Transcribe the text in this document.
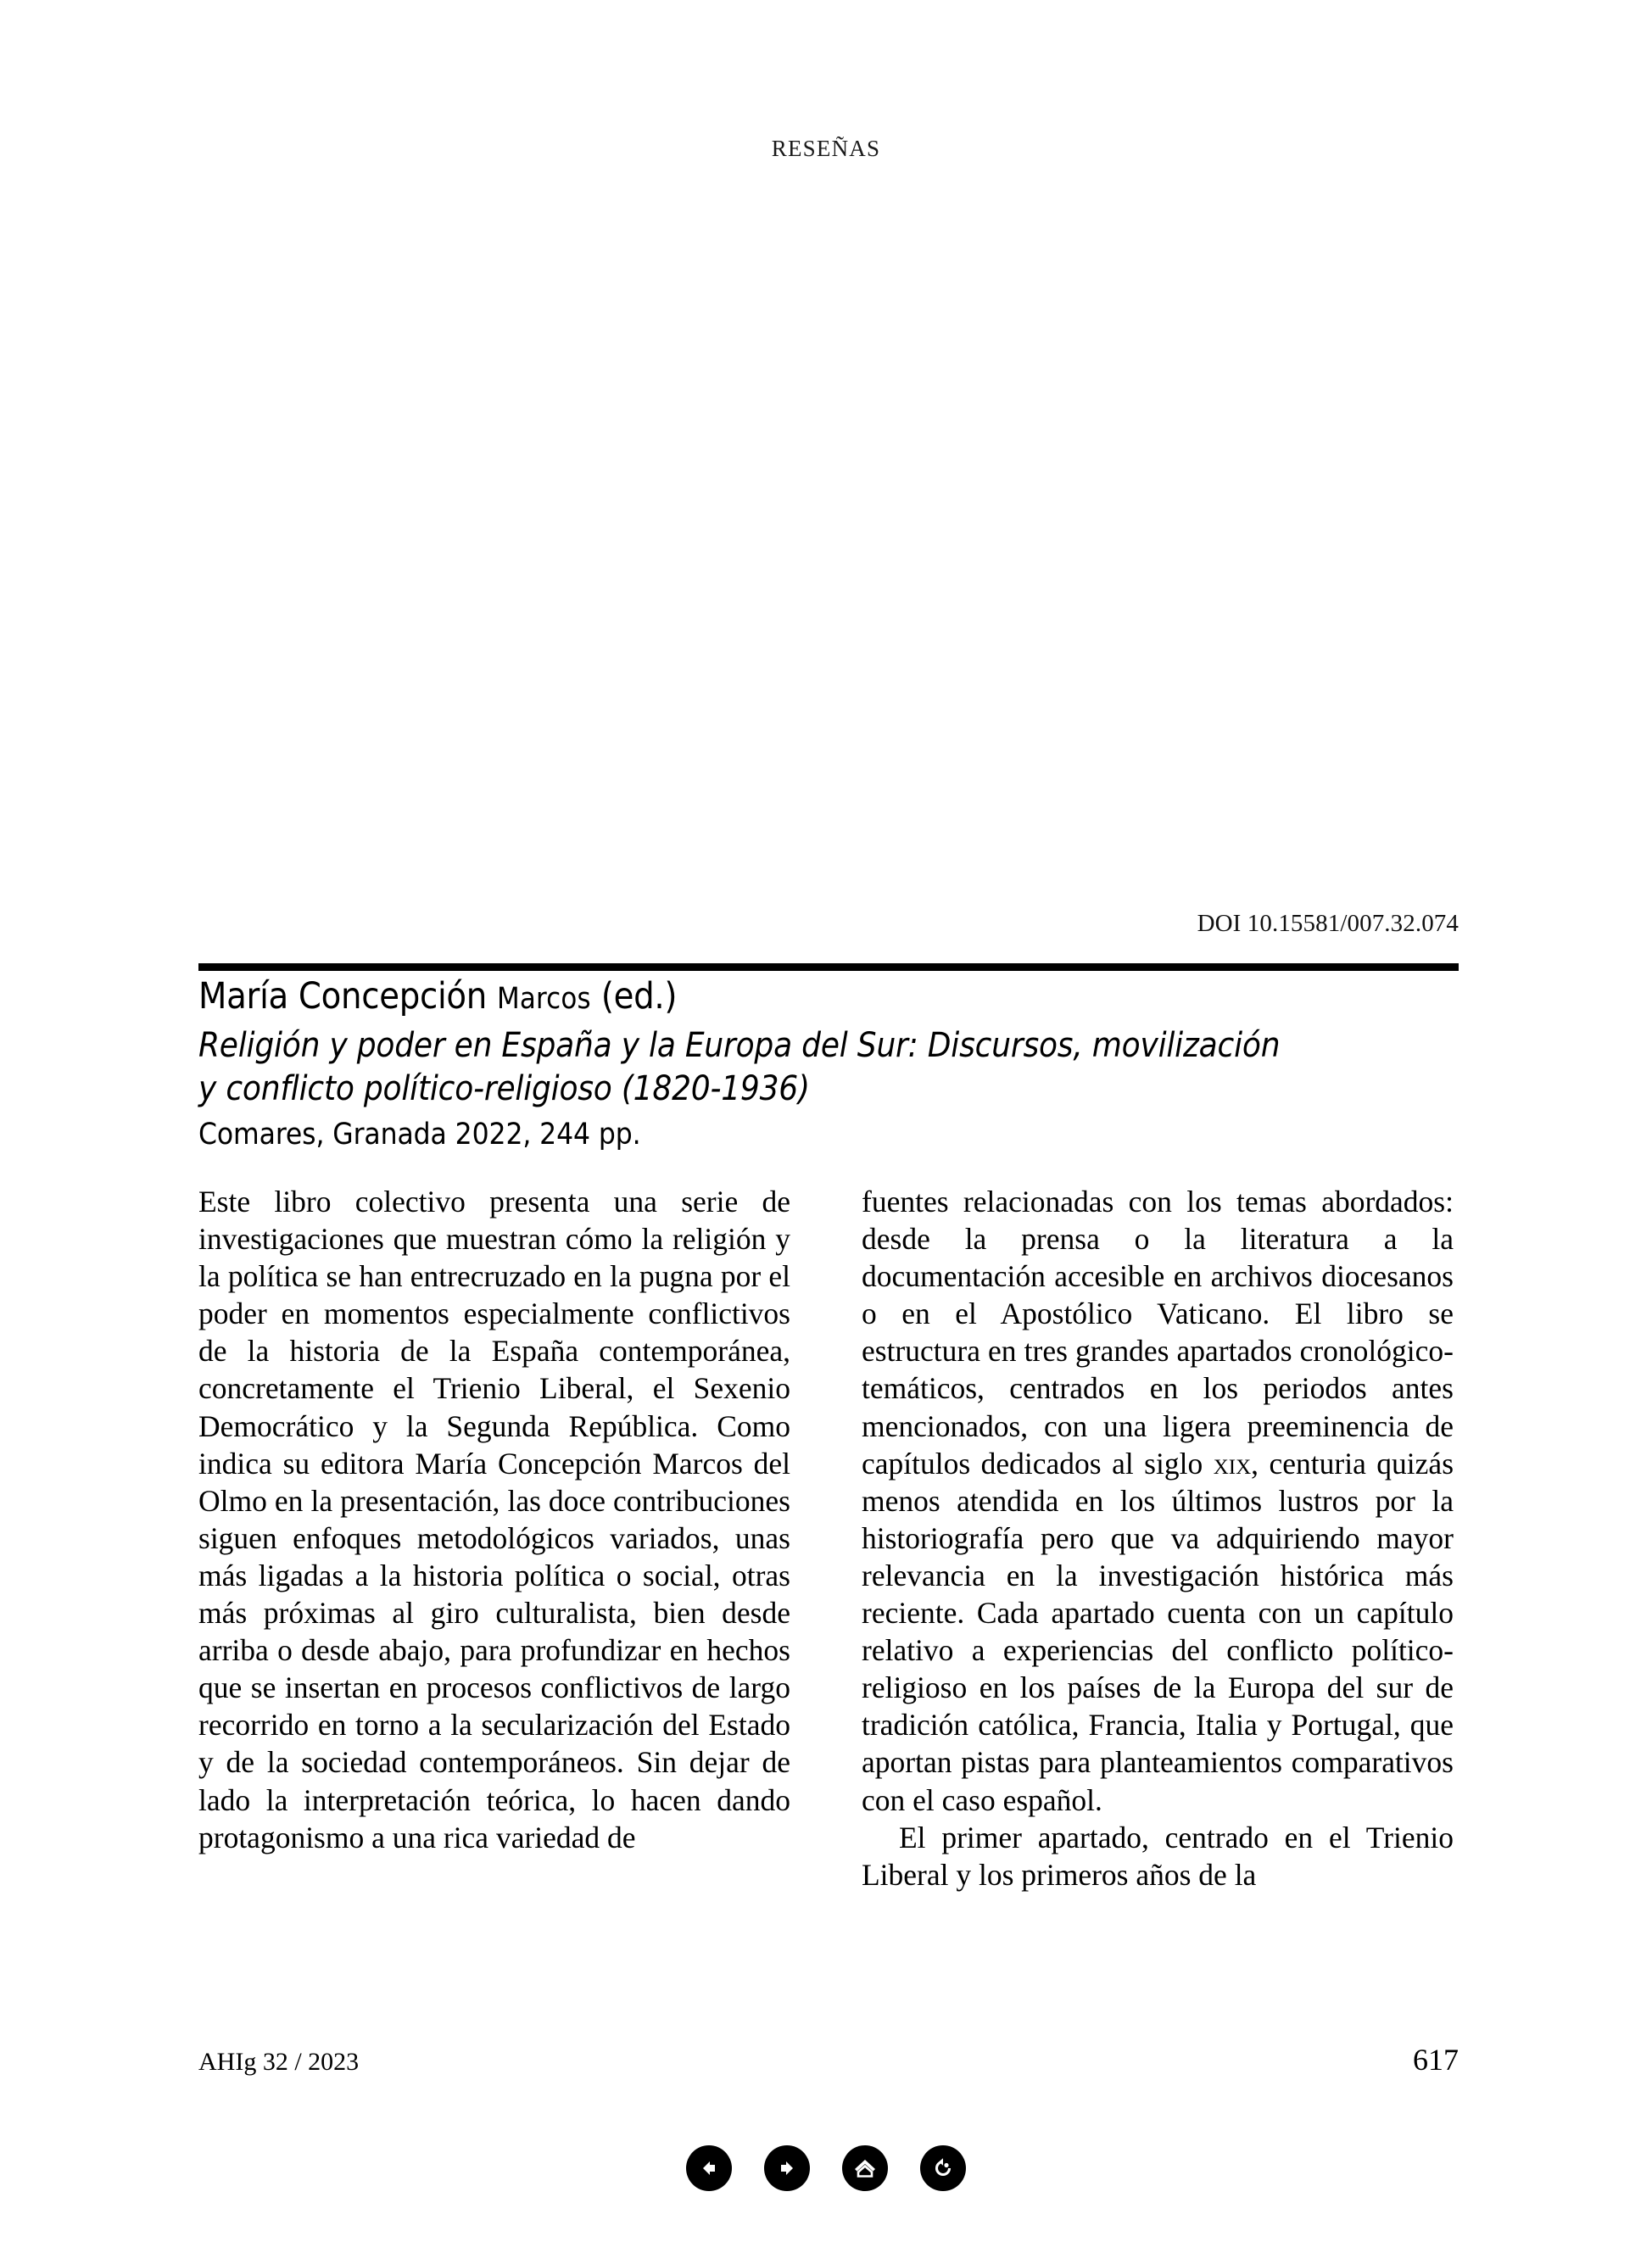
RESEÑAS
DOI 10.15581/007.32.074
María Concepción Marcos (ed.)
Religión y poder en España y la Europa del Sur: Discursos, movilización
y conflicto político-religioso (1820-1936)
Comares, Granada 2022, 244 pp.

Este libro colectivo presenta una serie de investigaciones que muestran cómo la religión y la política se han entrecruzado en la pugna por el poder en momentos especialmente conflictivos de la historia de la España contemporánea, concretamente el Trienio Liberal, el Sexenio Democrático y la Segunda República. Como indica su editora María Concepción Marcos del Olmo en la presentación, las doce contribuciones siguen enfoques metodológicos variados, unas más ligadas a la historia política o social, otras más próximas al giro culturalista, bien desde arriba o desde abajo, para profundizar en hechos que se insertan en procesos conflictivos de largo recorrido en torno a la secularización del Estado y de la sociedad contemporáneos. Sin dejar de lado la interpretación teórica, lo hacen dando protagonismo a una rica variedad de

fuentes relacionadas con los temas abordados: desde la prensa o la literatura a la documentación accesible en archivos diocesanos o en el Apostólico Vaticano. El libro se estructura en tres grandes apartados cronológico-temáticos, centrados en los periodos antes mencionados, con una ligera preeminencia de capítulos dedicados al siglo xix, centuria quizás menos atendida en los últimos lustros por la historiografía pero que va adquiriendo mayor relevancia en la investigación histórica más reciente. Cada apartado cuenta con un capítulo relativo a experiencias del conflicto político-religioso en los países de la Europa del sur de tradición católica, Francia, Italia y Portugal, que aportan pistas para planteamientos comparativos con el caso español.

El primer apartado, centrado en el Trienio Liberal y los primeros años de la

AHIg 32 / 2023	617
